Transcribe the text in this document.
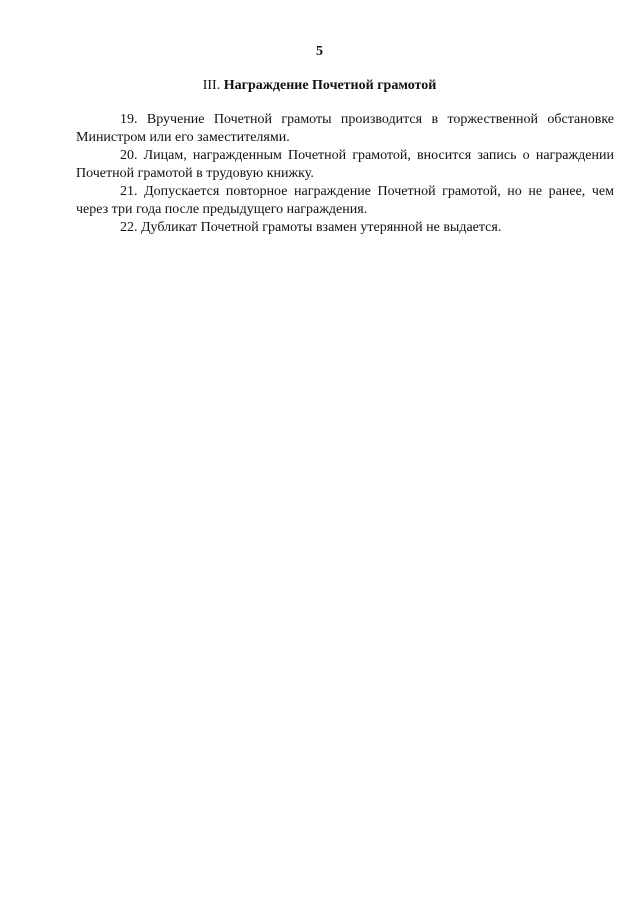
5
III. Награждение Почетной грамотой

19. Вручение Почетной грамоты производится в торжественной обстановке Министром или его заместителями.

20. Лицам, награжденным Почетной грамотой, вносится запись о награждении Почетной грамотой в трудовую книжку.

21. Допускается повторное награждение Почетной грамотой, но не ранее, чем через три года после предыдущего награждения.

22. Дубликат Почетной грамоты взамен утерянной не выдается.
